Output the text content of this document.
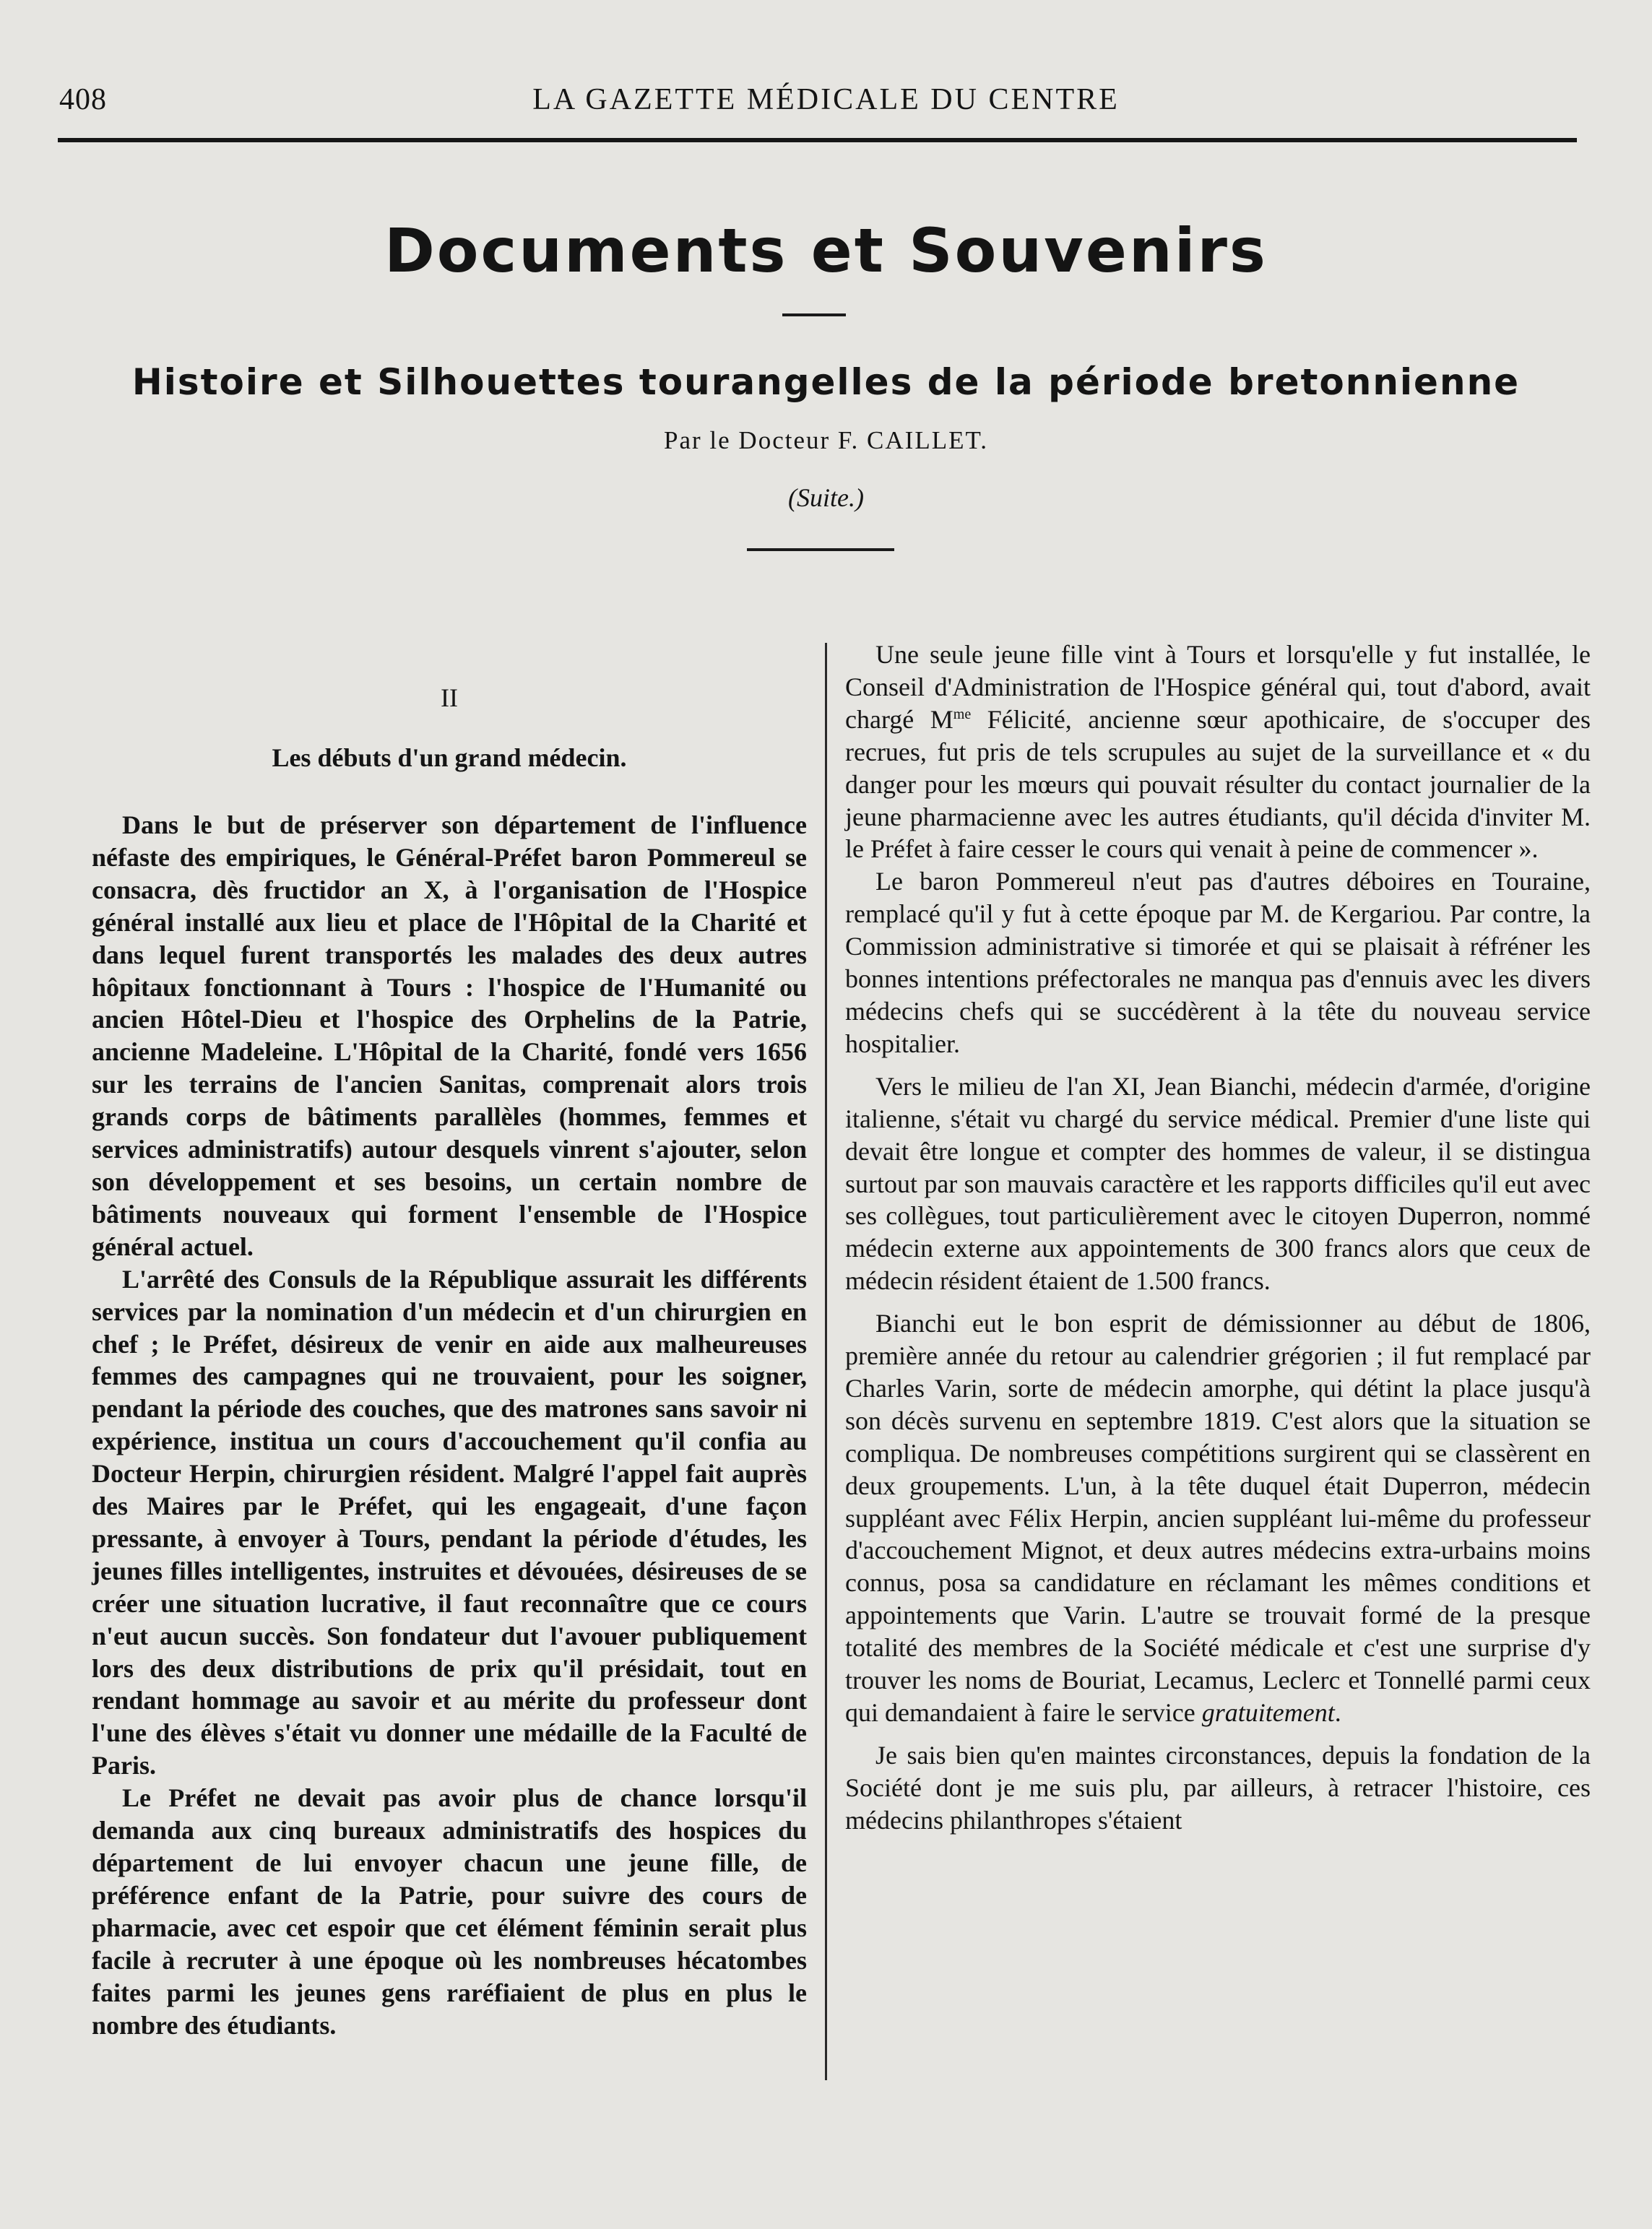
408	LA GAZETTE MÉDICALE DU CENTRE
Documents et Souvenirs
Histoire et Silhouettes tourangelles de la période bretonnienne
Par le Docteur F. CAILLET.
(Suite.)
II
Les débuts d'un grand médecin.

Dans le but de préserver son département de l'influence néfaste des empiriques, le Général-Préfet baron Pommereul se consacra, dès fructidor an X, à l'organisation de l'Hospice général installé aux lieu et place de l'Hôpital de la Charité et dans lequel furent transportés les malades des deux autres hôpitaux fonctionnant à Tours : l'hospice de l'Humanité ou ancien Hôtel-Dieu et l'hospice des Orphelins de la Patrie, ancienne Madeleine. L'Hôpital de la Charité, fondé vers 1656 sur les terrains de l'ancien Sanitas, comprenait alors trois grands corps de bâtiments parallèles (hommes, femmes et services administratifs) autour desquels vinrent s'ajouter, selon son développement et ses besoins, un certain nombre de bâtiments nouveaux qui forment l'ensemble de l'Hospice général actuel.

L'arrêté des Consuls de la République assurait les différents services par la nomination d'un médecin et d'un chirurgien en chef ; le Préfet, désireux de venir en aide aux malheureuses femmes des campagnes qui ne trouvaient, pour les soigner, pendant la période des couches, que des matrones sans savoir ni expérience, institua un cours d'accouchement qu'il confia au Docteur Herpin, chirurgien résident. Malgré l'appel fait auprès des Maires par le Préfet, qui les engageait, d'une façon pressante, à envoyer à Tours, pendant la période d'études, les jeunes filles intelligentes, instruites et dévouées, désireuses de se créer une situation lucrative, il faut reconnaître que ce cours n'eut aucun succès. Son fondateur dut l'avouer publiquement lors des deux distributions de prix qu'il présidait, tout en rendant hommage au savoir et au mérite du professeur dont l'une des élèves s'était vu donner une médaille de la Faculté de Paris.

Le Préfet ne devait pas avoir plus de chance lorsqu'il demanda aux cinq bureaux administratifs des hospices du département de lui envoyer chacun une jeune fille, de préférence enfant de la Patrie, pour suivre des cours de pharmacie, avec cet espoir que cet élément féminin serait plus facile à recruter à une époque où les nombreuses hécatombes faites parmi les jeunes gens raréfiaient de plus en plus le nombre des étudiants.

Une seule jeune fille vint à Tours et lorsqu'elle y fut installée, le Conseil d'Administration de l'Hospice général qui, tout d'abord, avait chargé $M^{me}$ Félicité, ancienne sœur apothicaire, de s'occuper des recrues, fut pris de tels scrupules au sujet de la surveillance et « du danger pour les mœurs qui pouvait résulter du contact journalier de la jeune pharmacienne avec les autres étudiants, qu'il décida d'inviter M. le Préfet à faire cesser le cours qui venait à peine de commencer ».

Le baron Pommereul n'eut pas d'autres déboires en Touraine, remplacé qu'il y fut à cette époque par M. de Kergariou. Par contre, la Commission administrative si timorée et qui se plaisait à réfréner les bonnes intentions préfectorales ne manqua pas d'ennuis avec les divers médecins chefs qui se succédèrent à la tête du nouveau service hospitalier.

Vers le milieu de l'an XI, Jean Bianchi, médecin d'armée, d'origine italienne, s'était vu chargé du service médical. Premier d'une liste qui devait être longue et compter des hommes de valeur, il se distingua surtout par son mauvais caractère et les rapports difficiles qu'il eut avec ses collègues, tout particulièrement avec le citoyen Duperron, nommé médecin externe aux appointements de 300 francs alors que ceux de médecin résident étaient de 1.500 francs.

Bianchi eut le bon esprit de démissionner au début de 1806, première année du retour au calendrier grégorien ; il fut remplacé par Charles Varin, sorte de médecin amorphe, qui détint la place jusqu'à son décès survenu en septembre 1819. C'est alors que la situation se compliqua. De nombreuses compétitions surgirent qui se classèrent en deux groupements. L'un, à la tête duquel était Duperron, médecin suppléant avec Félix Herpin, ancien suppléant lui-même du professeur d'accouchement Mignot, et deux autres médecins extra-urbains moins connus, posa sa candidature en réclamant les mêmes conditions et appointements que Varin. L'autre se trouvait formé de la presque totalité des membres de la Société médicale et c'est une surprise d'y trouver les noms de Bouriat, Lecamus, Leclerc et Tonnellé parmi ceux qui demandaient à faire le service gratuitement.

Je sais bien qu'en maintes circonstances, depuis la fondation de la Société dont je me suis plu, par ailleurs, à retracer l'histoire, ces médecins philanthropes s'étaient
